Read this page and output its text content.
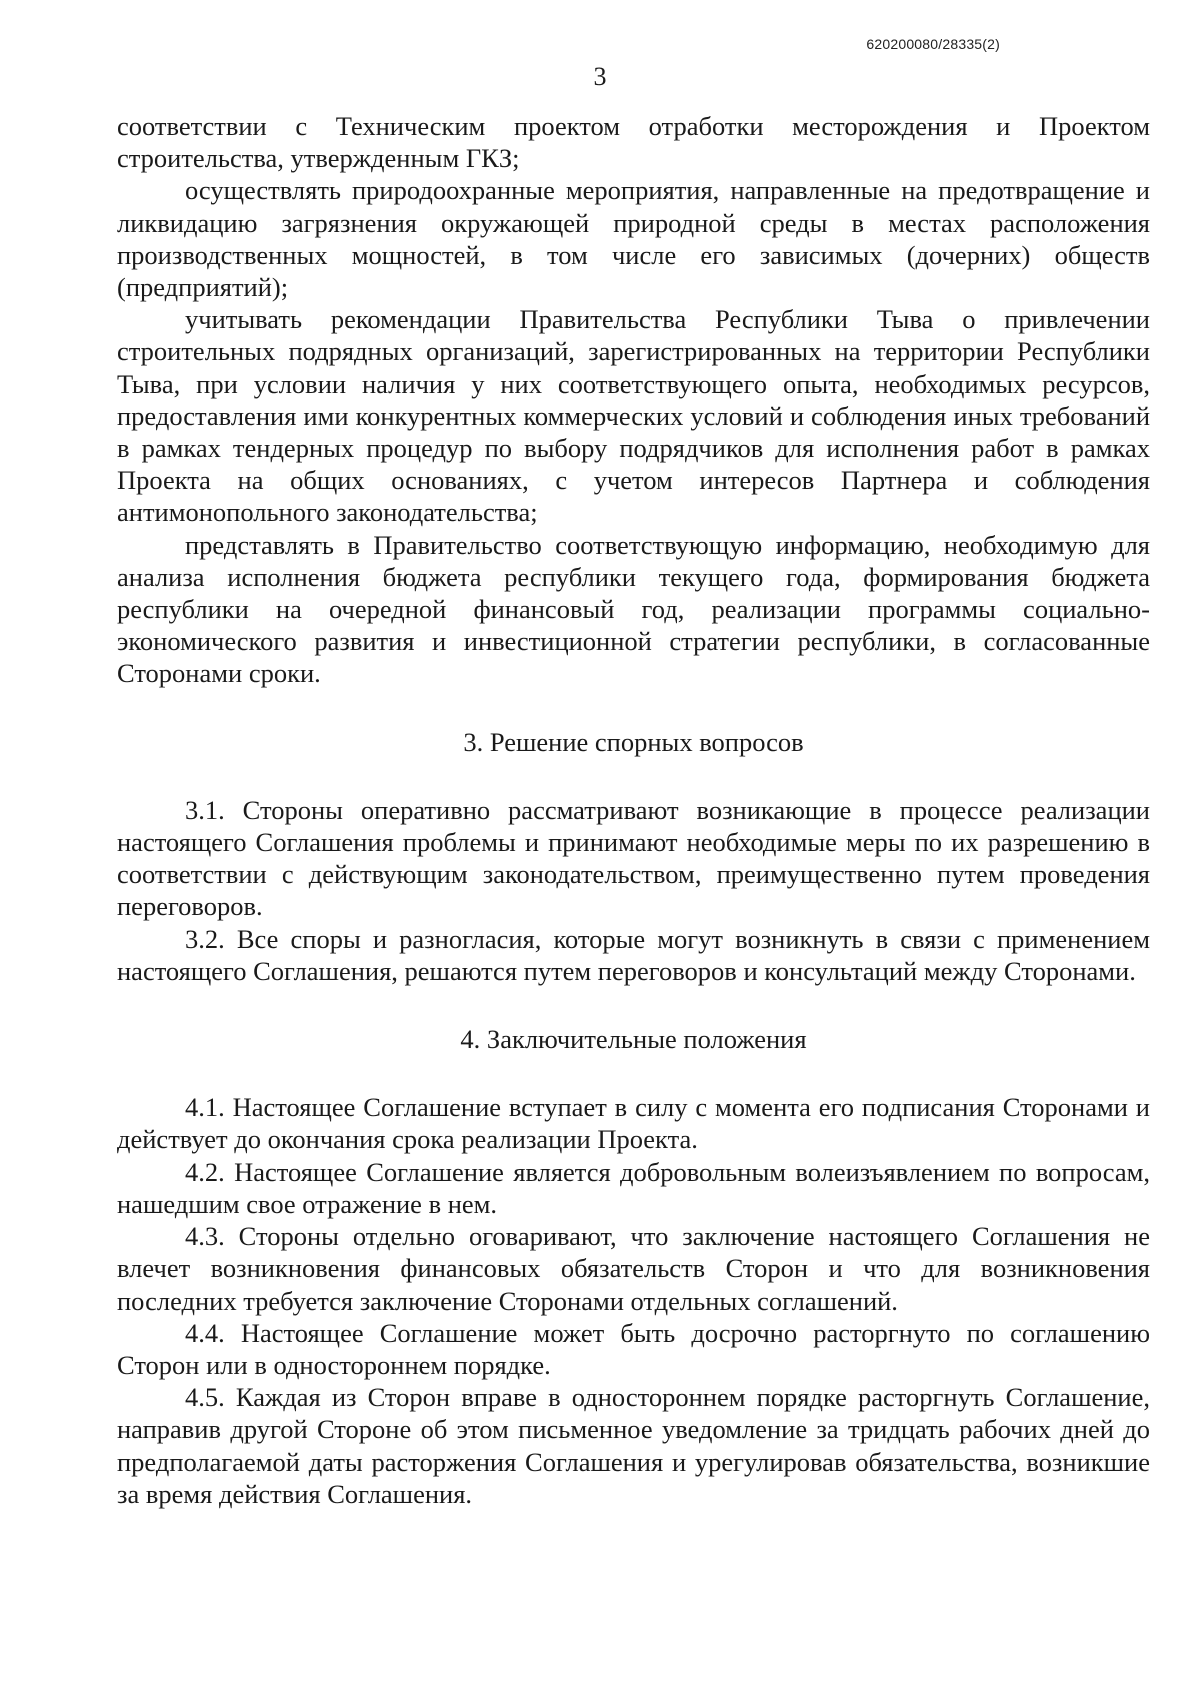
620200080/28335(2)
3

соответствии с Техническим проектом отработки месторождения и Проектом строительства, утвержденным ГКЗ;

осуществлять природоохранные мероприятия, направленные на предотвращение и ликвидацию загрязнения окружающей природной среды в местах расположения производственных мощностей, в том числе его зависимых (дочерних) обществ (предприятий);

учитывать рекомендации Правительства Республики Тыва о привлечении строительных подрядных организаций, зарегистрированных на территории Республики Тыва, при условии наличия у них соответствующего опыта, необходимых ресурсов, предоставления ими конкурентных коммерческих условий и соблюдения иных требований в рамках тендерных процедур по выбору подрядчиков для исполнения работ в рамках Проекта на общих основаниях, с учетом интересов Партнера и соблюдения антимонопольного законодательства;

представлять в Правительство соответствующую информацию, необходимую для анализа исполнения бюджета республики текущего года, формирования бюджета республики на очередной финансовый год, реализации программы социально-экономического развития и инвестиционной стратегии республики, в согласованные Сторонами сроки.

3. Решение спорных вопросов

3.1. Стороны оперативно рассматривают возникающие в процессе реализации настоящего Соглашения проблемы и принимают необходимые меры по их разрешению в соответствии с действующим законодательством, преимущественно путем проведения переговоров.

3.2. Все споры и разногласия, которые могут возникнуть в связи с применением настоящего Соглашения, решаются путем переговоров и консультаций между Сторонами.

4. Заключительные положения

4.1. Настоящее Соглашение вступает в силу с момента его подписания Сторонами и действует до окончания срока реализации Проекта.

4.2. Настоящее Соглашение является добровольным волеизъявлением по вопросам, нашедшим свое отражение в нем.

4.3. Стороны отдельно оговаривают, что заключение настоящего Соглашения не влечет возникновения финансовых обязательств Сторон и что для возникновения последних требуется заключение Сторонами отдельных соглашений.

4.4. Настоящее Соглашение может быть досрочно расторгнуто по соглашению Сторон или в одностороннем порядке.

4.5. Каждая из Сторон вправе в одностороннем порядке расторгнуть Соглашение, направив другой Стороне об этом письменное уведомление за тридцать рабочих дней до предполагаемой даты расторжения Соглашения и урегулировав обязательства, возникшие за время действия Соглашения.
